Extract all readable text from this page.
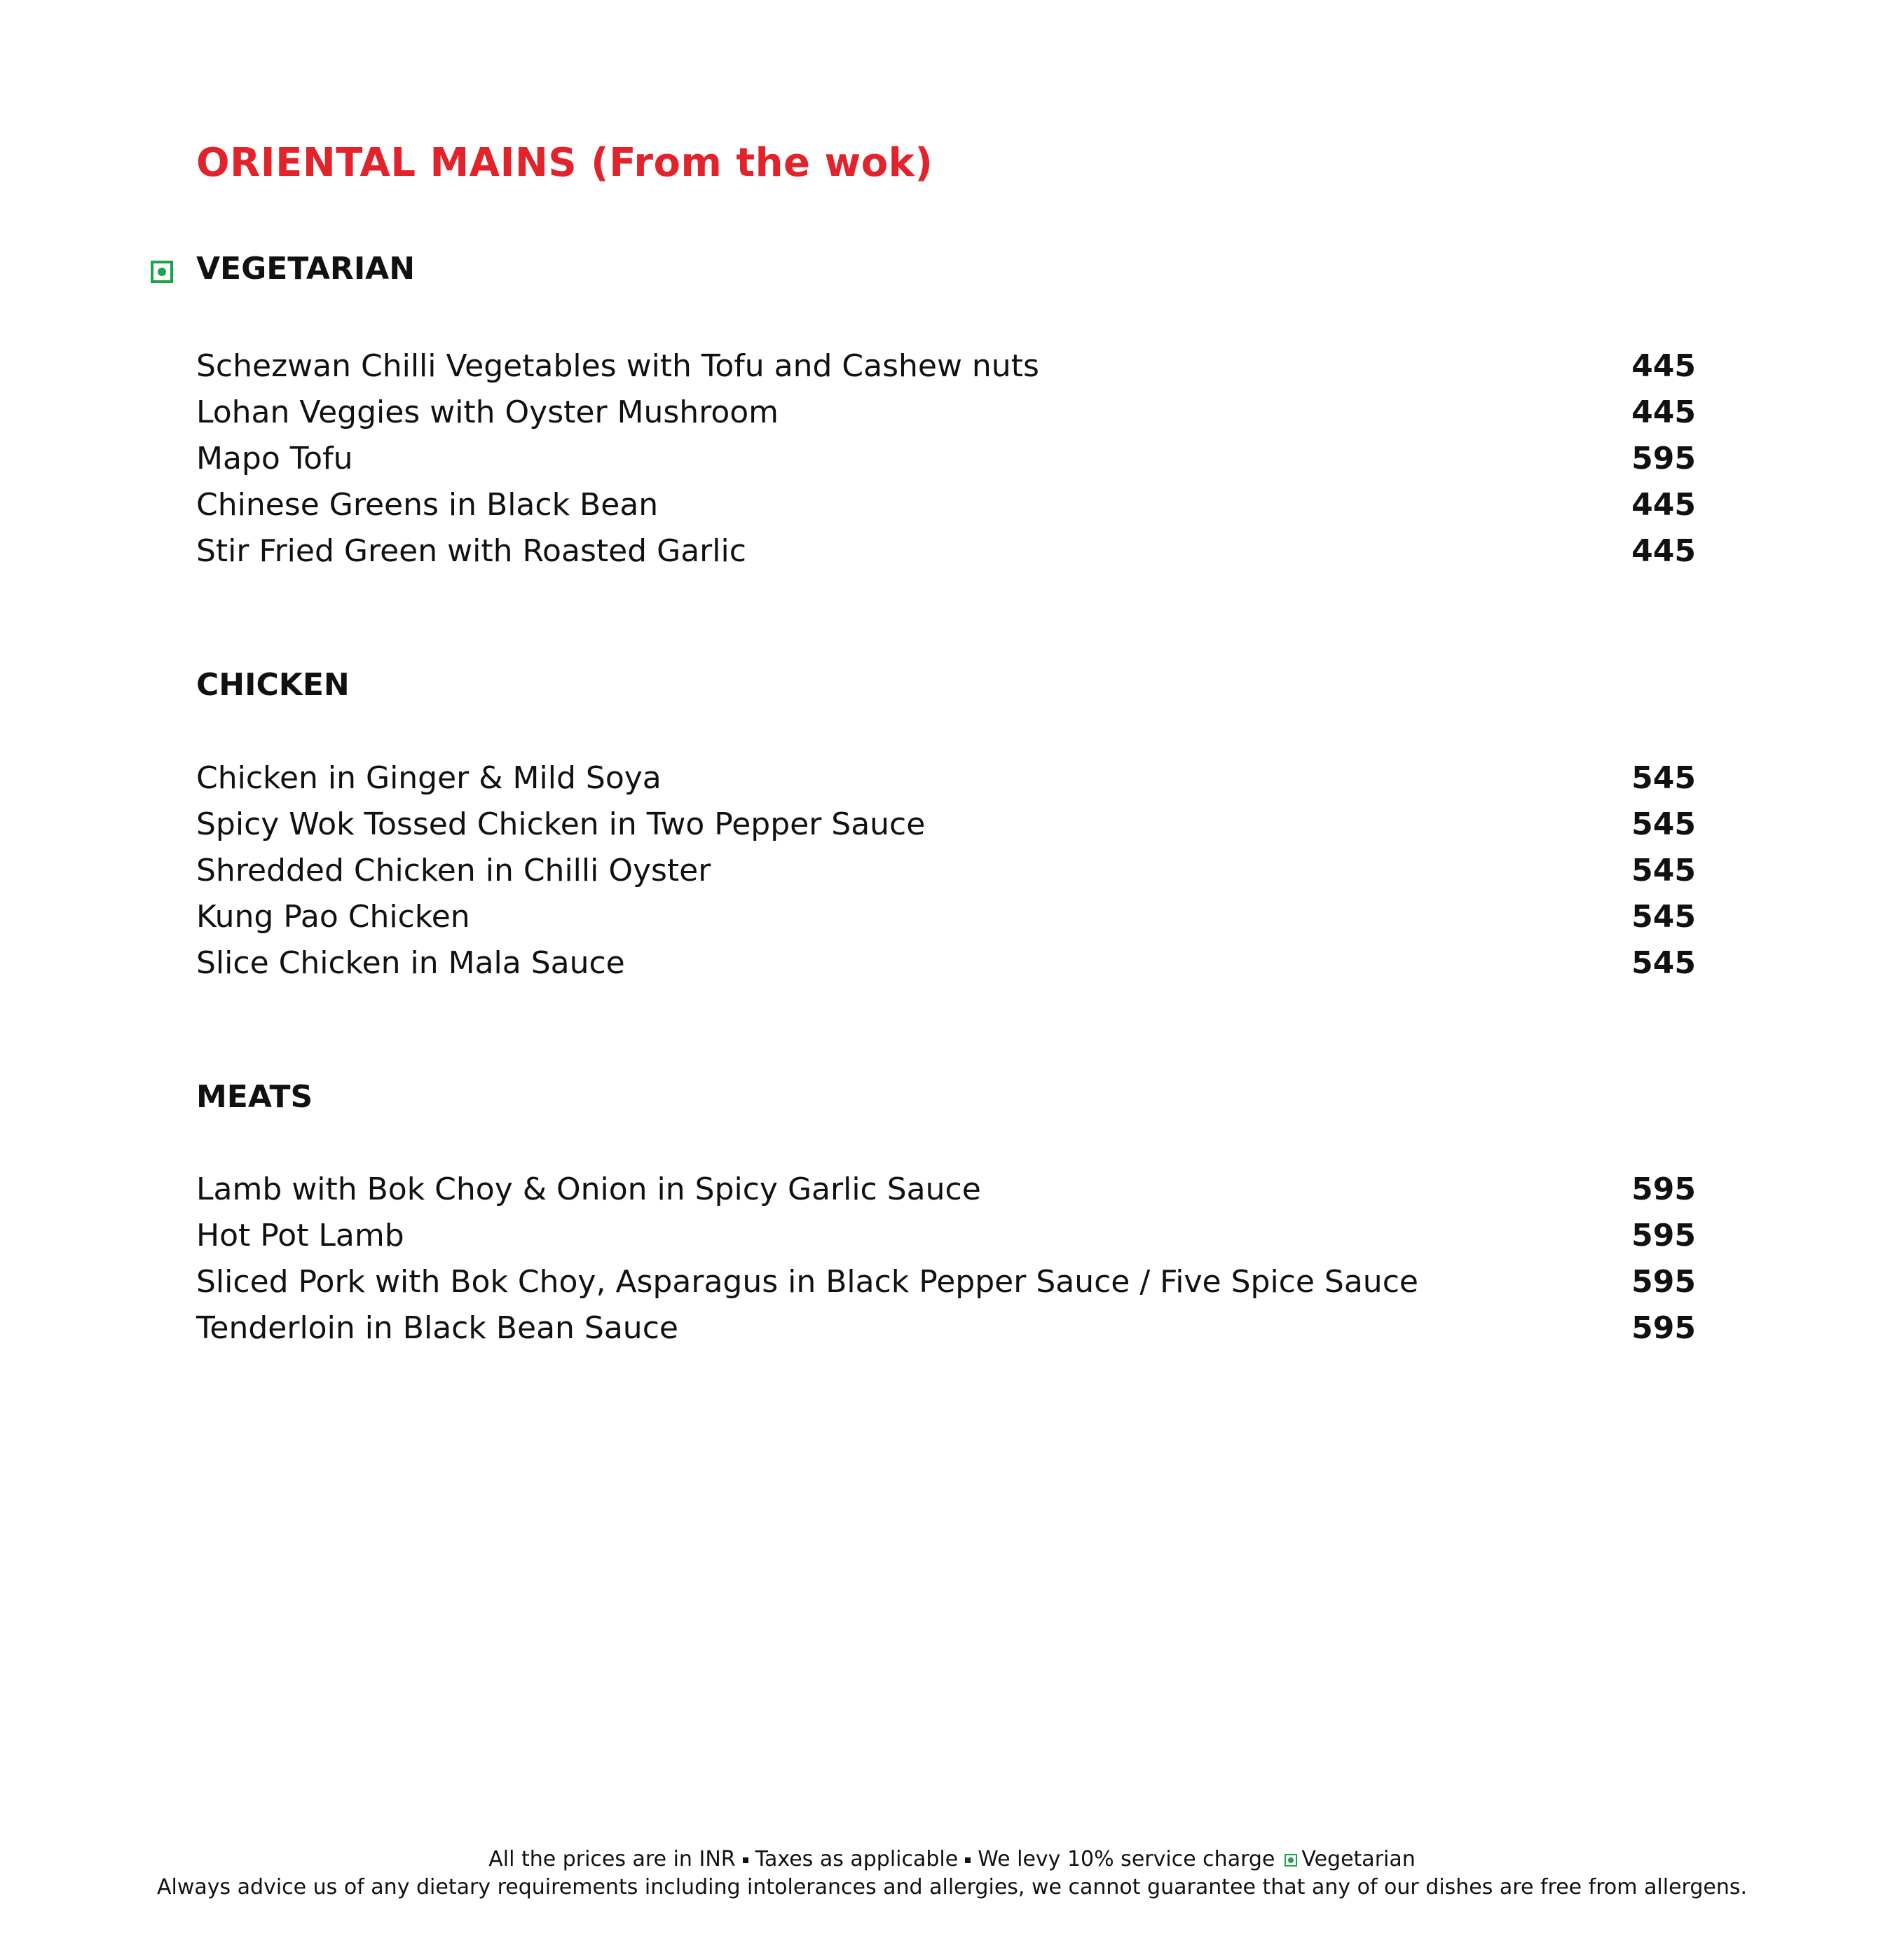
ORIENTAL MAINS (From the wok)
VEGETARIAN
Schezwan Chilli Vegetables with Tofu and Cashew nuts	445
Lohan Veggies with Oyster Mushroom	445
Mapo Tofu	595
Chinese Greens in Black Bean	445
Stir Fried Green with Roasted Garlic	445
CHICKEN
Chicken in Ginger & Mild Soya	545
Spicy Wok Tossed Chicken in Two Pepper Sauce	545
Shredded Chicken in Chilli Oyster	545
Kung Pao Chicken	545
Slice Chicken in Mala Sauce	545
MEATS
Lamb with Bok Choy & Onion in Spicy Garlic Sauce	595
Hot Pot Lamb	595
Sliced Pork with Bok Choy, Asparagus in Black Pepper Sauce / Five Spice Sauce	595
Tenderloin in Black Bean Sauce	595
All the prices are in INR Taxes as applicable We levy 10% service charge Vegetarian
Always advice us of any dietary requirements including intolerances and allergies, we cannot guarantee that any of our dishes are free from allergens.
